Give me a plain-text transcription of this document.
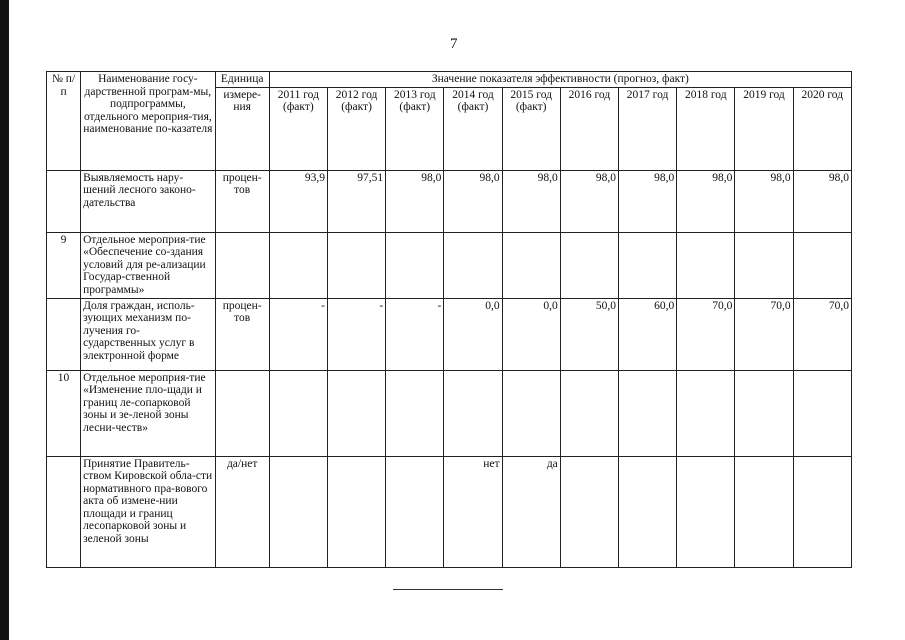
7
№ п/п	Наименование госу-дарственной програм-мы, подпрограммы, отдельного мероприя-тия, наименование по-казателя	Единица	Значение показателя эффективности (прогноз, факт)									
		измере-ния	2011 год (факт)	2012 год (факт)	2013 год (факт)	2014 год (факт)	2015 год (факт)	2016 год	2017 год	2018 год	2019 год	2020 год
	Выявляемость нару-шений лесного законо-дательства	процен-тов	93,9	97,51	98,0	98,0	98,0	98,0	98,0	98,0	98,0	98,0
9	Отдельное мероприя-тие «Обеспечение со-здания условий для ре-ализации Государ-ственной программы»											
	Доля граждан, исполь-зующих механизм по-лучения го-сударственных услуг в электронной форме	процен-тов	-	-	-	0,0	0,0	50,0	60,0	70,0	70,0	70,0
10	Отдельное мероприя-тие «Изменение пло-щади и границ ле-сопарковой зоны и зе-леной зоны лесни-честв»											
	Принятие Правитель-ством Кировской обла-сти нормативного пра-вового акта об измене-нии площади и границ лесопарковой зоны и зеленой зоны	да/нет				нет	да					
